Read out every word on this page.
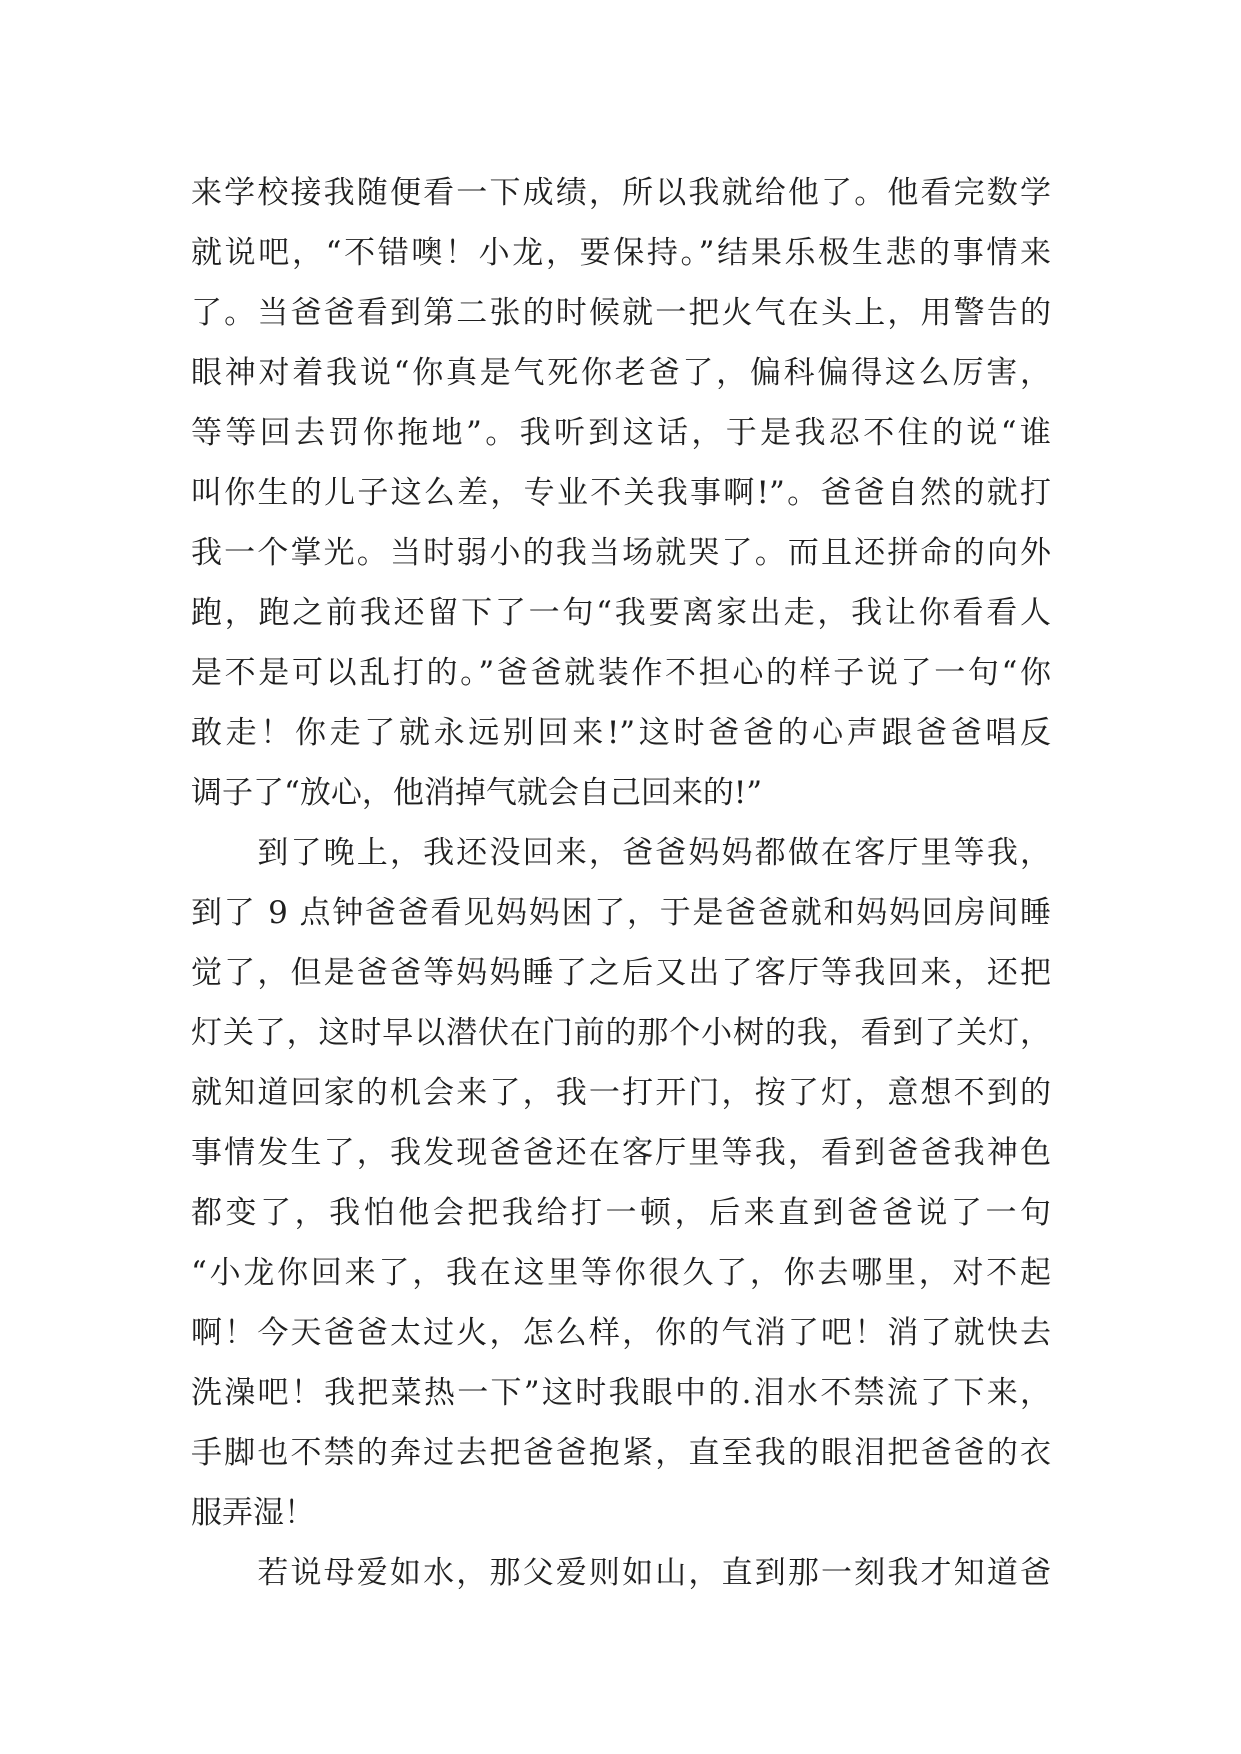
来学校接我随便看一下成绩，所以我就给他了。他看完数学
就说吧，“不错噢！小龙，要保持。”结果乐极生悲的事情来
了。当爸爸看到第二张的时候就一把火气在头上，用警告的
眼神对着我说“你真是气死你老爸了，偏科偏得这么厉害，
等等回去罚你拖地”。我听到这话，于是我忍不住的说“谁
叫你生的儿子这么差，专业不关我事啊!”。爸爸自然的就打
我一个掌光。当时弱小的我当场就哭了。而且还拼命的向外
跑，跑之前我还留下了一句“我要离家出走，我让你看看人
是不是可以乱打的。”爸爸就装作不担心的样子说了一句“你
敢走！你走了就永远别回来!”这时爸爸的心声跟爸爸唱反
调子了“放心，他消掉气就会自己回来的!”
　　到了晚上，我还没回来，爸爸妈妈都做在客厅里等我，
到了 9 点钟爸爸看见妈妈困了，于是爸爸就和妈妈回房间睡
觉了，但是爸爸等妈妈睡了之后又出了客厅等我回来，还把
灯关了，这时早以潜伏在门前的那个小树的我，看到了关灯，
就知道回家的机会来了，我一打开门，按了灯，意想不到的
事情发生了，我发现爸爸还在客厅里等我，看到爸爸我神色
都变了，我怕他会把我给打一顿，后来直到爸爸说了一句
“小龙你回来了，我在这里等你很久了，你去哪里，对不起
啊！今天爸爸太过火，怎么样，你的气消了吧！消了就快去
洗澡吧！我把菜热一下”这时我眼中的.泪水不禁流了下来，
手脚也不禁的奔过去把爸爸抱紧，直至我的眼泪把爸爸的衣
服弄湿！
　　若说母爱如水，那父爱则如山，直到那一刻我才知道爸
